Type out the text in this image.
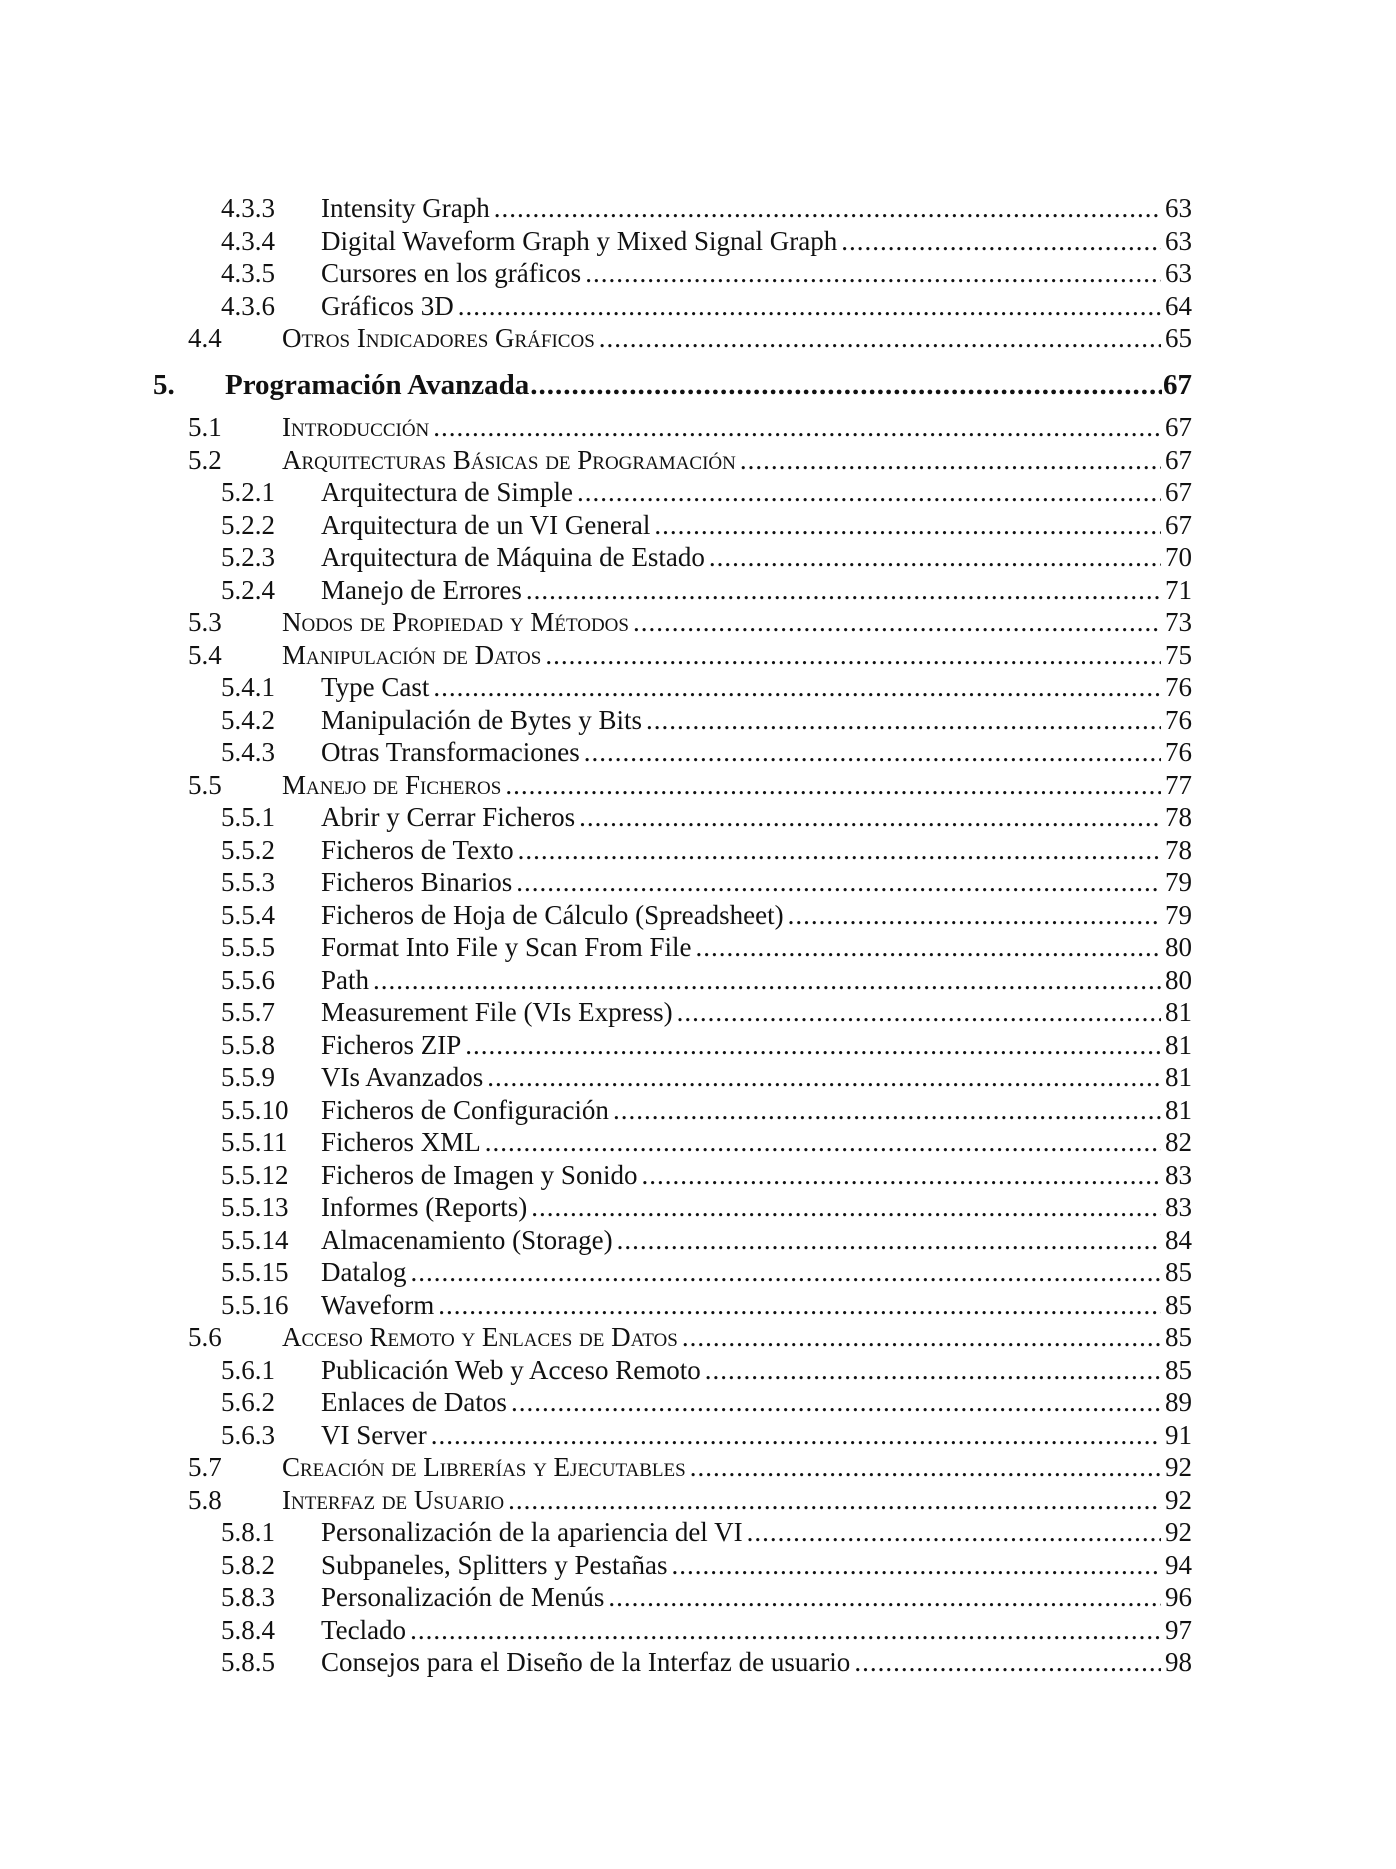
4.3.3	Intensity Graph .....	63
4.3.4	Digital Waveform Graph y Mixed Signal Graph .....	63
4.3.5	Cursores en los gráficos .....	63
4.3.6	Gráficos 3D .....	64
4.4	Otros Indicadores Gráficos .....	65
5.	Programación Avanzada .....	67
5.1	Introducción .....	67
5.2	Arquitecturas Básicas de Programación .....	67
5.2.1	Arquitectura de Simple .....	67
5.2.2	Arquitectura de un VI General .....	67
5.2.3	Arquitectura de Máquina de Estado .....	70
5.2.4	Manejo de Errores .....	71
5.3	Nodos de Propiedad y Métodos .....	73
5.4	Manipulación de Datos .....	75
5.4.1	Type Cast .....	76
5.4.2	Manipulación de Bytes y Bits .....	76
5.4.3	Otras Transformaciones .....	76
5.5	Manejo de Ficheros .....	77
5.5.1	Abrir y Cerrar Ficheros .....	78
5.5.2	Ficheros de Texto .....	78
5.5.3	Ficheros Binarios .....	79
5.5.4	Ficheros de Hoja de Cálculo (Spreadsheet) .....	79
5.5.5	Format Into File y Scan From File .....	80
5.5.6	Path .....	80
5.5.7	Measurement File (VIs Express) .....	81
5.5.8	Ficheros ZIP .....	81
5.5.9	VIs Avanzados .....	81
5.5.10	Ficheros de Configuración .....	81
5.5.11	Ficheros XML .....	82
5.5.12	Ficheros de Imagen y Sonido .....	83
5.5.13	Informes (Reports) .....	83
5.5.14	Almacenamiento (Storage) .....	84
5.5.15	Datalog .....	85
5.5.16	Waveform .....	85
5.6	Acceso Remoto y Enlaces de Datos .....	85
5.6.1	Publicación Web y Acceso Remoto .....	85
5.6.2	Enlaces de Datos .....	89
5.6.3	VI Server .....	91
5.7	Creación de Librerías y Ejecutables .....	92
5.8	Interfaz de Usuario .....	92
5.8.1	Personalización de la apariencia del VI .....	92
5.8.2	Subpaneles, Splitters y Pestañas .....	94
5.8.3	Personalización de Menús .....	96
5.8.4	Teclado .....	97
5.8.5	Consejos para el Diseño de la Interfaz de usuario .....	98
